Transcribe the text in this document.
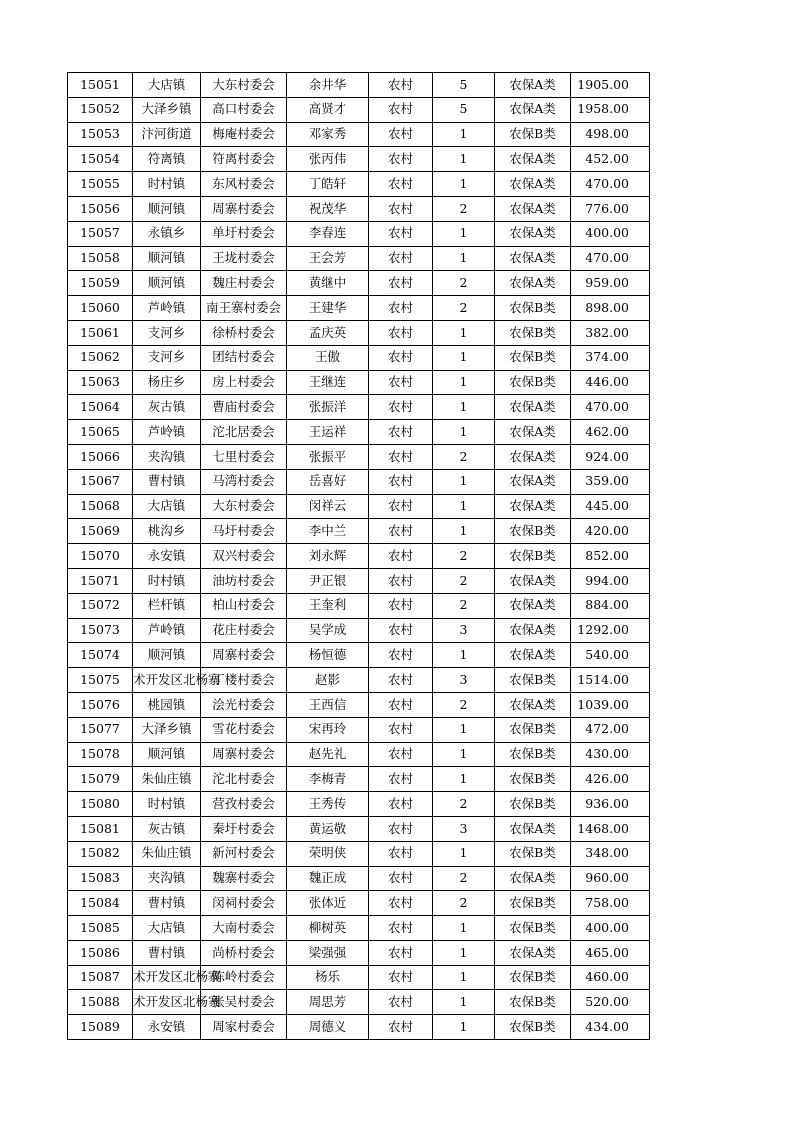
15051	大店镇	大东村委会	余井华	农村	5	农保A类	1905.00
15052	大泽乡镇	高口村委会	高贤才	农村	5	农保A类	1958.00
15053	汴河街道	梅庵村委会	邓家秀	农村	1	农保B类	498.00
15054	符离镇	符离村委会	张丙伟	农村	1	农保A类	452.00
15055	时村镇	东风村委会	丁皓轩	农村	1	农保A类	470.00
15056	顺河镇	周寨村委会	祝茂华	农村	2	农保A类	776.00
15057	永镇乡	单圩村委会	李春连	农村	1	农保A类	400.00
15058	顺河镇	王垅村委会	王会芳	农村	1	农保A类	470.00
15059	顺河镇	魏庄村委会	黄继中	农村	2	农保A类	959.00
15060	芦岭镇	南王寨村委会	王建华	农村	2	农保B类	898.00
15061	支河乡	徐桥村委会	孟庆英	农村	1	农保B类	382.00
15062	支河乡	团结村委会	王傲	农村	1	农保B类	374.00
15063	杨庄乡	房上村委会	王继连	农村	1	农保B类	446.00
15064	灰古镇	曹庙村委会	张振洋	农村	1	农保A类	470.00
15065	芦岭镇	沱北居委会	王运祥	农村	1	农保A类	462.00
15066	夹沟镇	七里村委会	张振平	农村	2	农保A类	924.00
15067	曹村镇	马湾村委会	岳喜好	农村	1	农保A类	359.00
15068	大店镇	大东村委会	闵祥云	农村	1	农保A类	445.00
15069	桃沟乡	马圩村委会	李中兰	农村	1	农保B类	420.00
15070	永安镇	双兴村委会	刘永辉	农村	2	农保B类	852.00
15071	时村镇	油坊村委会	尹正银	农村	2	农保A类	994.00
15072	栏杆镇	柏山村委会	王奎利	农村	2	农保A类	884.00
15073	芦岭镇	花庄村委会	吴学成	农村	3	农保A类	1292.00
15074	顺河镇	周寨村委会	杨恒德	农村	1	农保A类	540.00
15075	术开发区北杨寨	丁楼村委会	赵影	农村	3	农保B类	1514.00
15076	桃园镇	浍光村委会	王西信	农村	2	农保A类	1039.00
15077	大泽乡镇	雪花村委会	宋再玲	农村	1	农保B类	472.00
15078	顺河镇	周寨村委会	赵先礼	农村	1	农保B类	430.00
15079	朱仙庄镇	沱北村委会	李梅青	农村	1	农保B类	426.00
15080	时村镇	营孜村委会	王秀传	农村	2	农保B类	936.00
15081	灰古镇	秦圩村委会	黄运敬	农村	3	农保A类	1468.00
15082	朱仙庄镇	新河村委会	荣明侠	农村	1	农保B类	348.00
15083	夹沟镇	魏寨村委会	魏正成	农村	2	农保A类	960.00
15084	曹村镇	闵祠村委会	张体近	农村	2	农保B类	758.00
15085	大店镇	大南村委会	柳树英	农村	1	农保B类	400.00
15086	曹村镇	尚桥村委会	梁强强	农村	1	农保A类	465.00
15087	术开发区北杨寨	陈岭村委会	杨乐	农村	1	农保B类	460.00
15088	术开发区北杨寨	张吴村委会	周思芳	农村	1	农保B类	520.00
15089	永安镇	周家村委会	周德义	农村	1	农保B类	434.00
